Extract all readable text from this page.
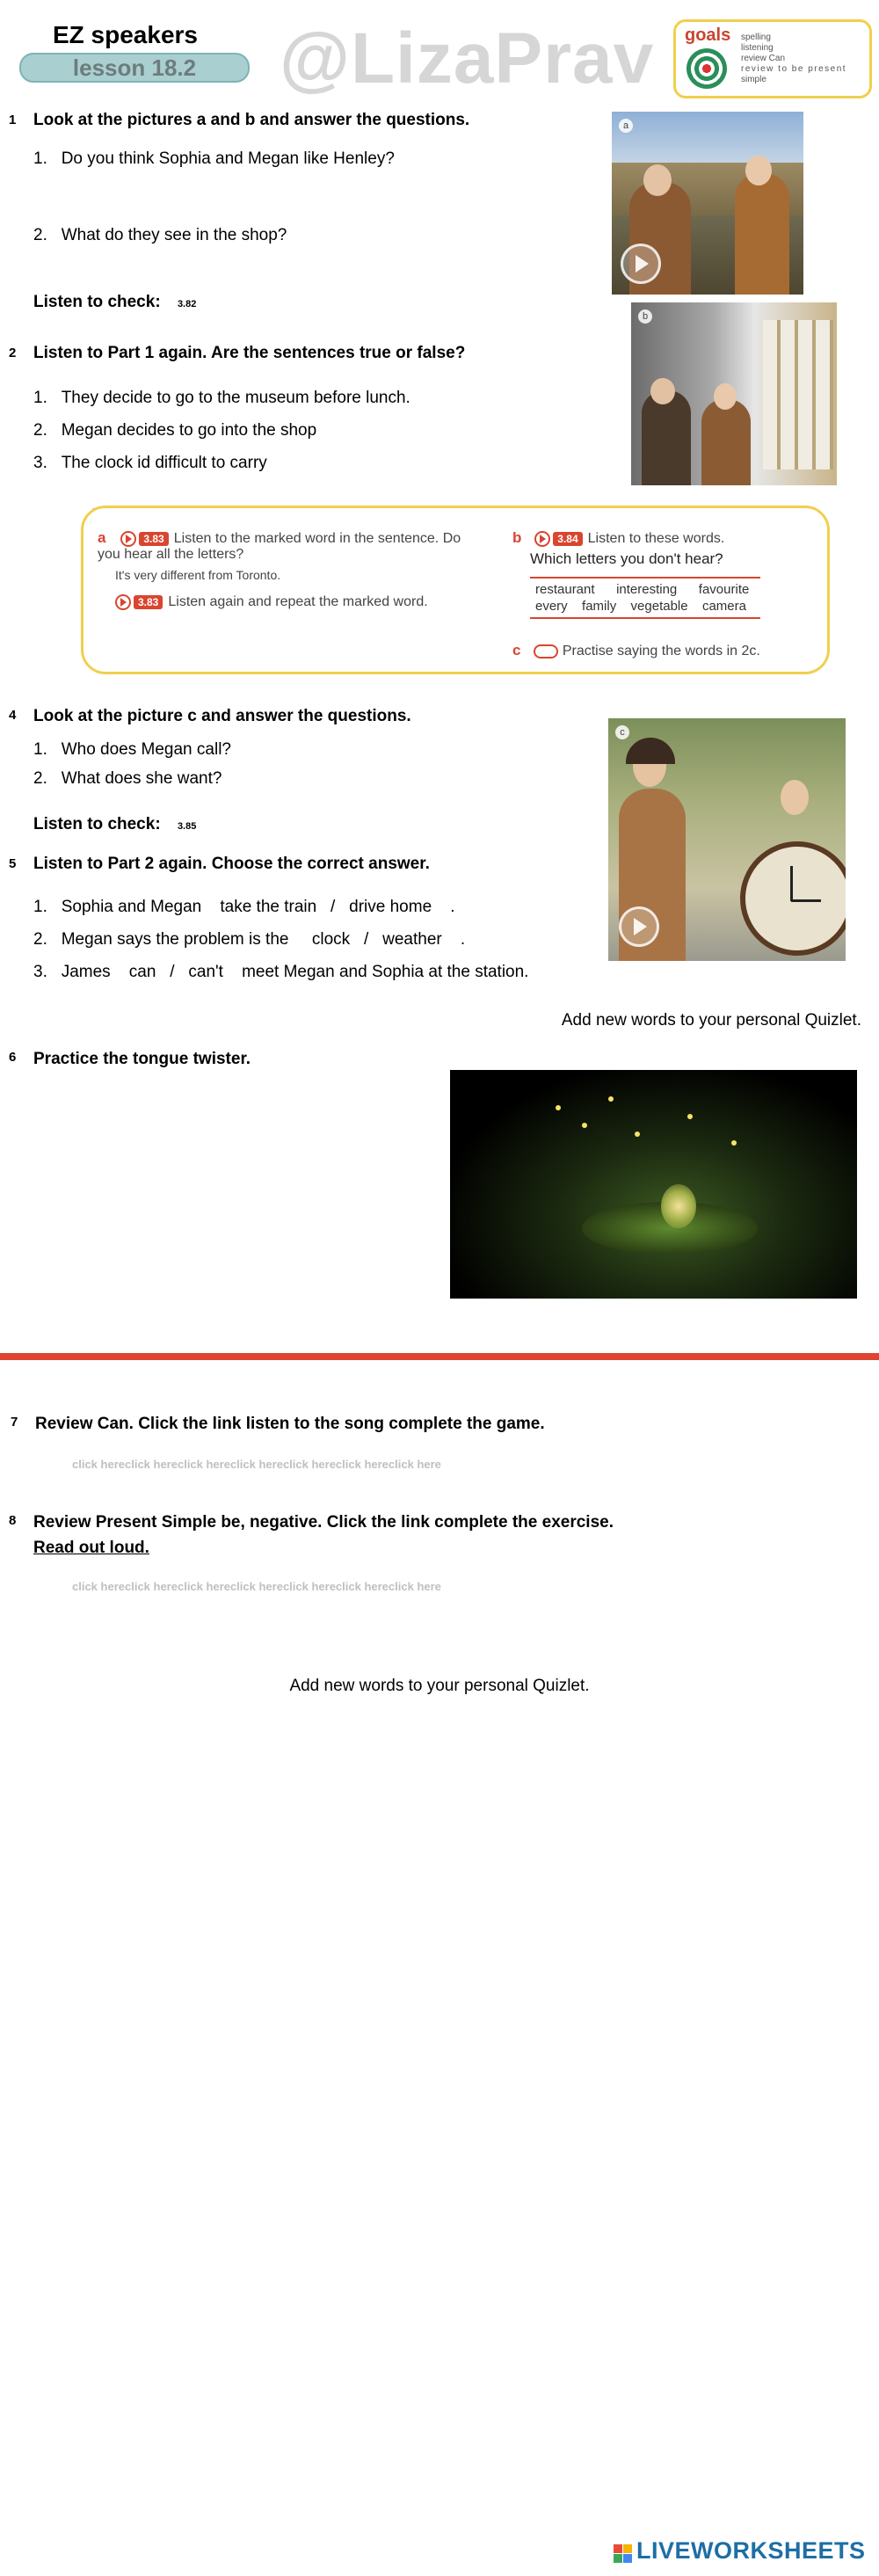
EZ speakers
lesson 18.2	@LizaPrav goals spelling
listening
review Can
review to be present
simple
1 Look at the pictures a and b and answer the questions.
1. Do you think Sophia and Megan like Henley?
2. What do they see in the shop?
Listen to check: 3.82
a
2 Listen to Part 1 again. Are the sentences true or false?
1. They decide to go to the museum before lunch.
2. Megan decides to go into the shop
3. The clock id difficult to carry
b
a	3.83 Listen to the marked word in the sentence. Do you hear all the letters?
It's very different from Toronto.
3.83 Listen again and repeat the marked word.
b	3.84 Listen to these words.
Which letters you don't hear?
restaurant interesting favourite
every family vegetable camera
c	Practise saying the words in 2c.
4 Look at the picture c and answer the questions.
1. Who does Megan call?
2. What does she want?
Listen to check: 3.85
c
5 Listen to Part 2 again. Choose the correct answer.
1. Sophia and Megan take the train / drive home .
2. Megan says the problem is the clock / weather .
3. James can / can't meet Megan and Sophia at the station.
Add new words to your personal Quizlet.
6 Practice the tongue twister.
7 Review Can. Click the link listen to the song complete the game.
click hereclick hereclick hereclick hereclick hereclick hereclick here
8 Review Present Simple be, negative. Click the link complete the exercise.
Read out loud.
click hereclick hereclick hereclick hereclick hereclick hereclick here
Add new words to your personal Quizlet.
LIVEWORKSHEETS
